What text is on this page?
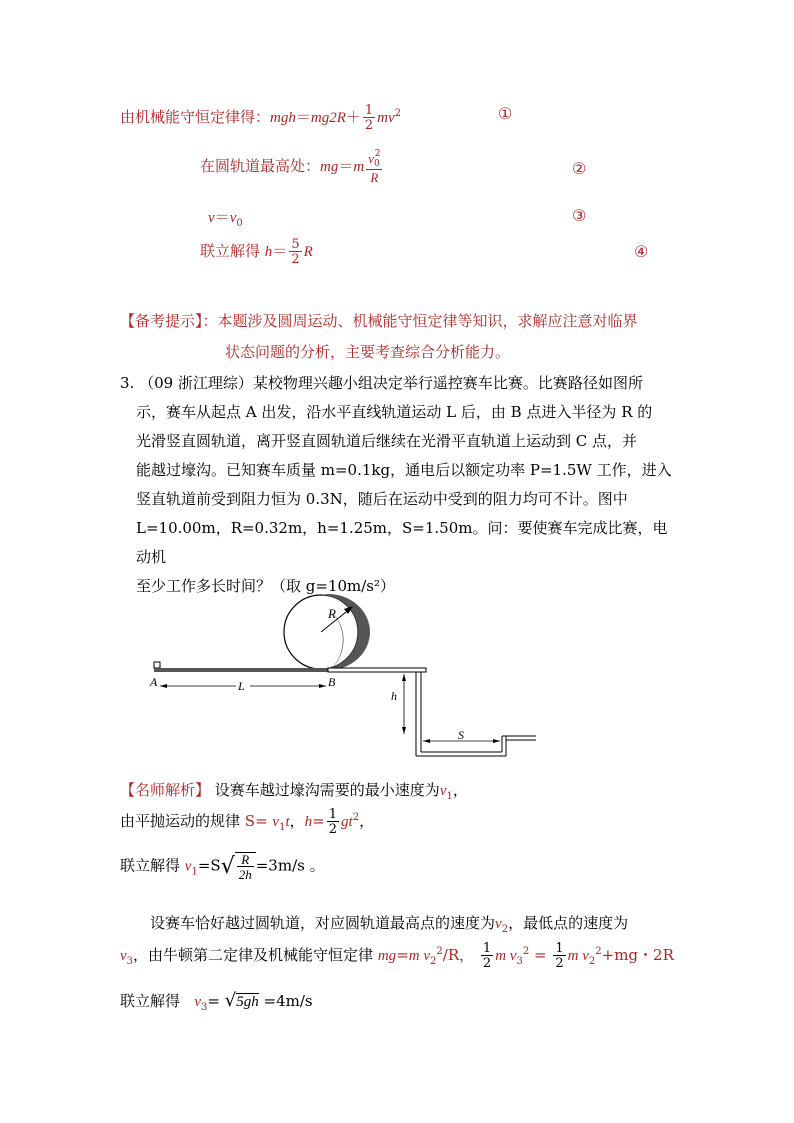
由机械能守恒定律得：$mgh=mg2R+ \frac{1}{2} mv^2$	①
在圆轨道最高处：$mg=m \frac{v_0^2}{R}$	②
$v=v_0$	③
联立解得 $h= \frac{5}{2}$ R	④
【备考提示】：本题涉及圆周运动、机械能守恒定律等知识，求解应注意对临界
状态问题的分析，主要考查综合分析能力。
3. （09 浙江理综）某校物理兴趣小组决定举行遥控赛车比赛。比赛路径如图所
示，赛车从起点 A 出发，沿水平直线轨道运动 L 后，由 B 点进入半径为 R 的
光滑竖直圆轨道，离开竖直圆轨道后继续在光滑平直轨道上运动到 C 点，并
能越过壕沟。已知赛车质量 m=0.1kg，通电后以额定功率 P=1.5W 工作，进入
竖直轨道前受到阻力恒为 0.3N，随后在运动中受到的阻力均可不计。图中
L=10.00m，R=0.32m，h=1.25m，S=1.50m。问：要使赛车完成比赛，电动机
至少工作多长时间？（取 g=10m/s²）
R
A	B
L
h
S
【名师解析】 设赛车越过壕沟需要的最小速度为$v_1$，
由平抛运动的规律 $S= v_1t$，$h= \frac{1}{2} gt^2$，
联立解得 $v_1=S√ \frac{R}{2h} =3m/s$ 。
设赛车恰好越过圆轨道，对应圆轨道最高点的速度为$v_2$，最低点的速度为
$v_3$，由牛顿第二定律及机械能守恒定律 mg=m $v_2^2/R$， $\frac{1}{2}$ m $v_3^2 = \frac{1}{2}$ m $v_2^2+mg$・2R
联立解得 $v_3= √5gh =4m/s$
